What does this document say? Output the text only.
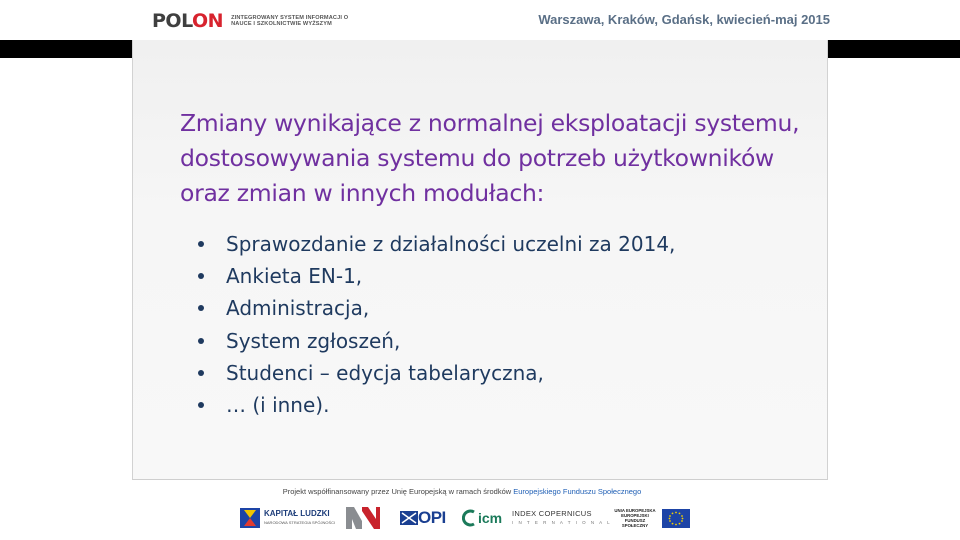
POLON ZINTEGROWANY SYSTEM INFORMACJI O NAUCE I SZKOLNICTWIE WYŻSZYM	Warszawa, Kraków, Gdańsk, kwiecień-maj 2015
Zmiany wynikające z normalnej eksploatacji systemu, dostosowywania systemu do potrzeb użytkowników oraz zmian w innych modułach:
Sprawozdanie z działalności uczelni za 2014,
Ankieta EN-1,
Administracja,
System zgłoszeń,
Studenci – edycja tabelaryczna,
… (i inne).
Projekt współfinansowany przez Unię Europejską w ramach środków Europejskiego Funduszu Społecznego
KAPITAŁ LUDZKI
NARODOWA STRATEGIA SPÓJNOŚCI	OPI icm INDEX COPERNICUS
I N T E R N A T I O N A L
UNIA EUROPEJSKA EUROPEJSKI FUNDUSZ SPOŁECZNY
